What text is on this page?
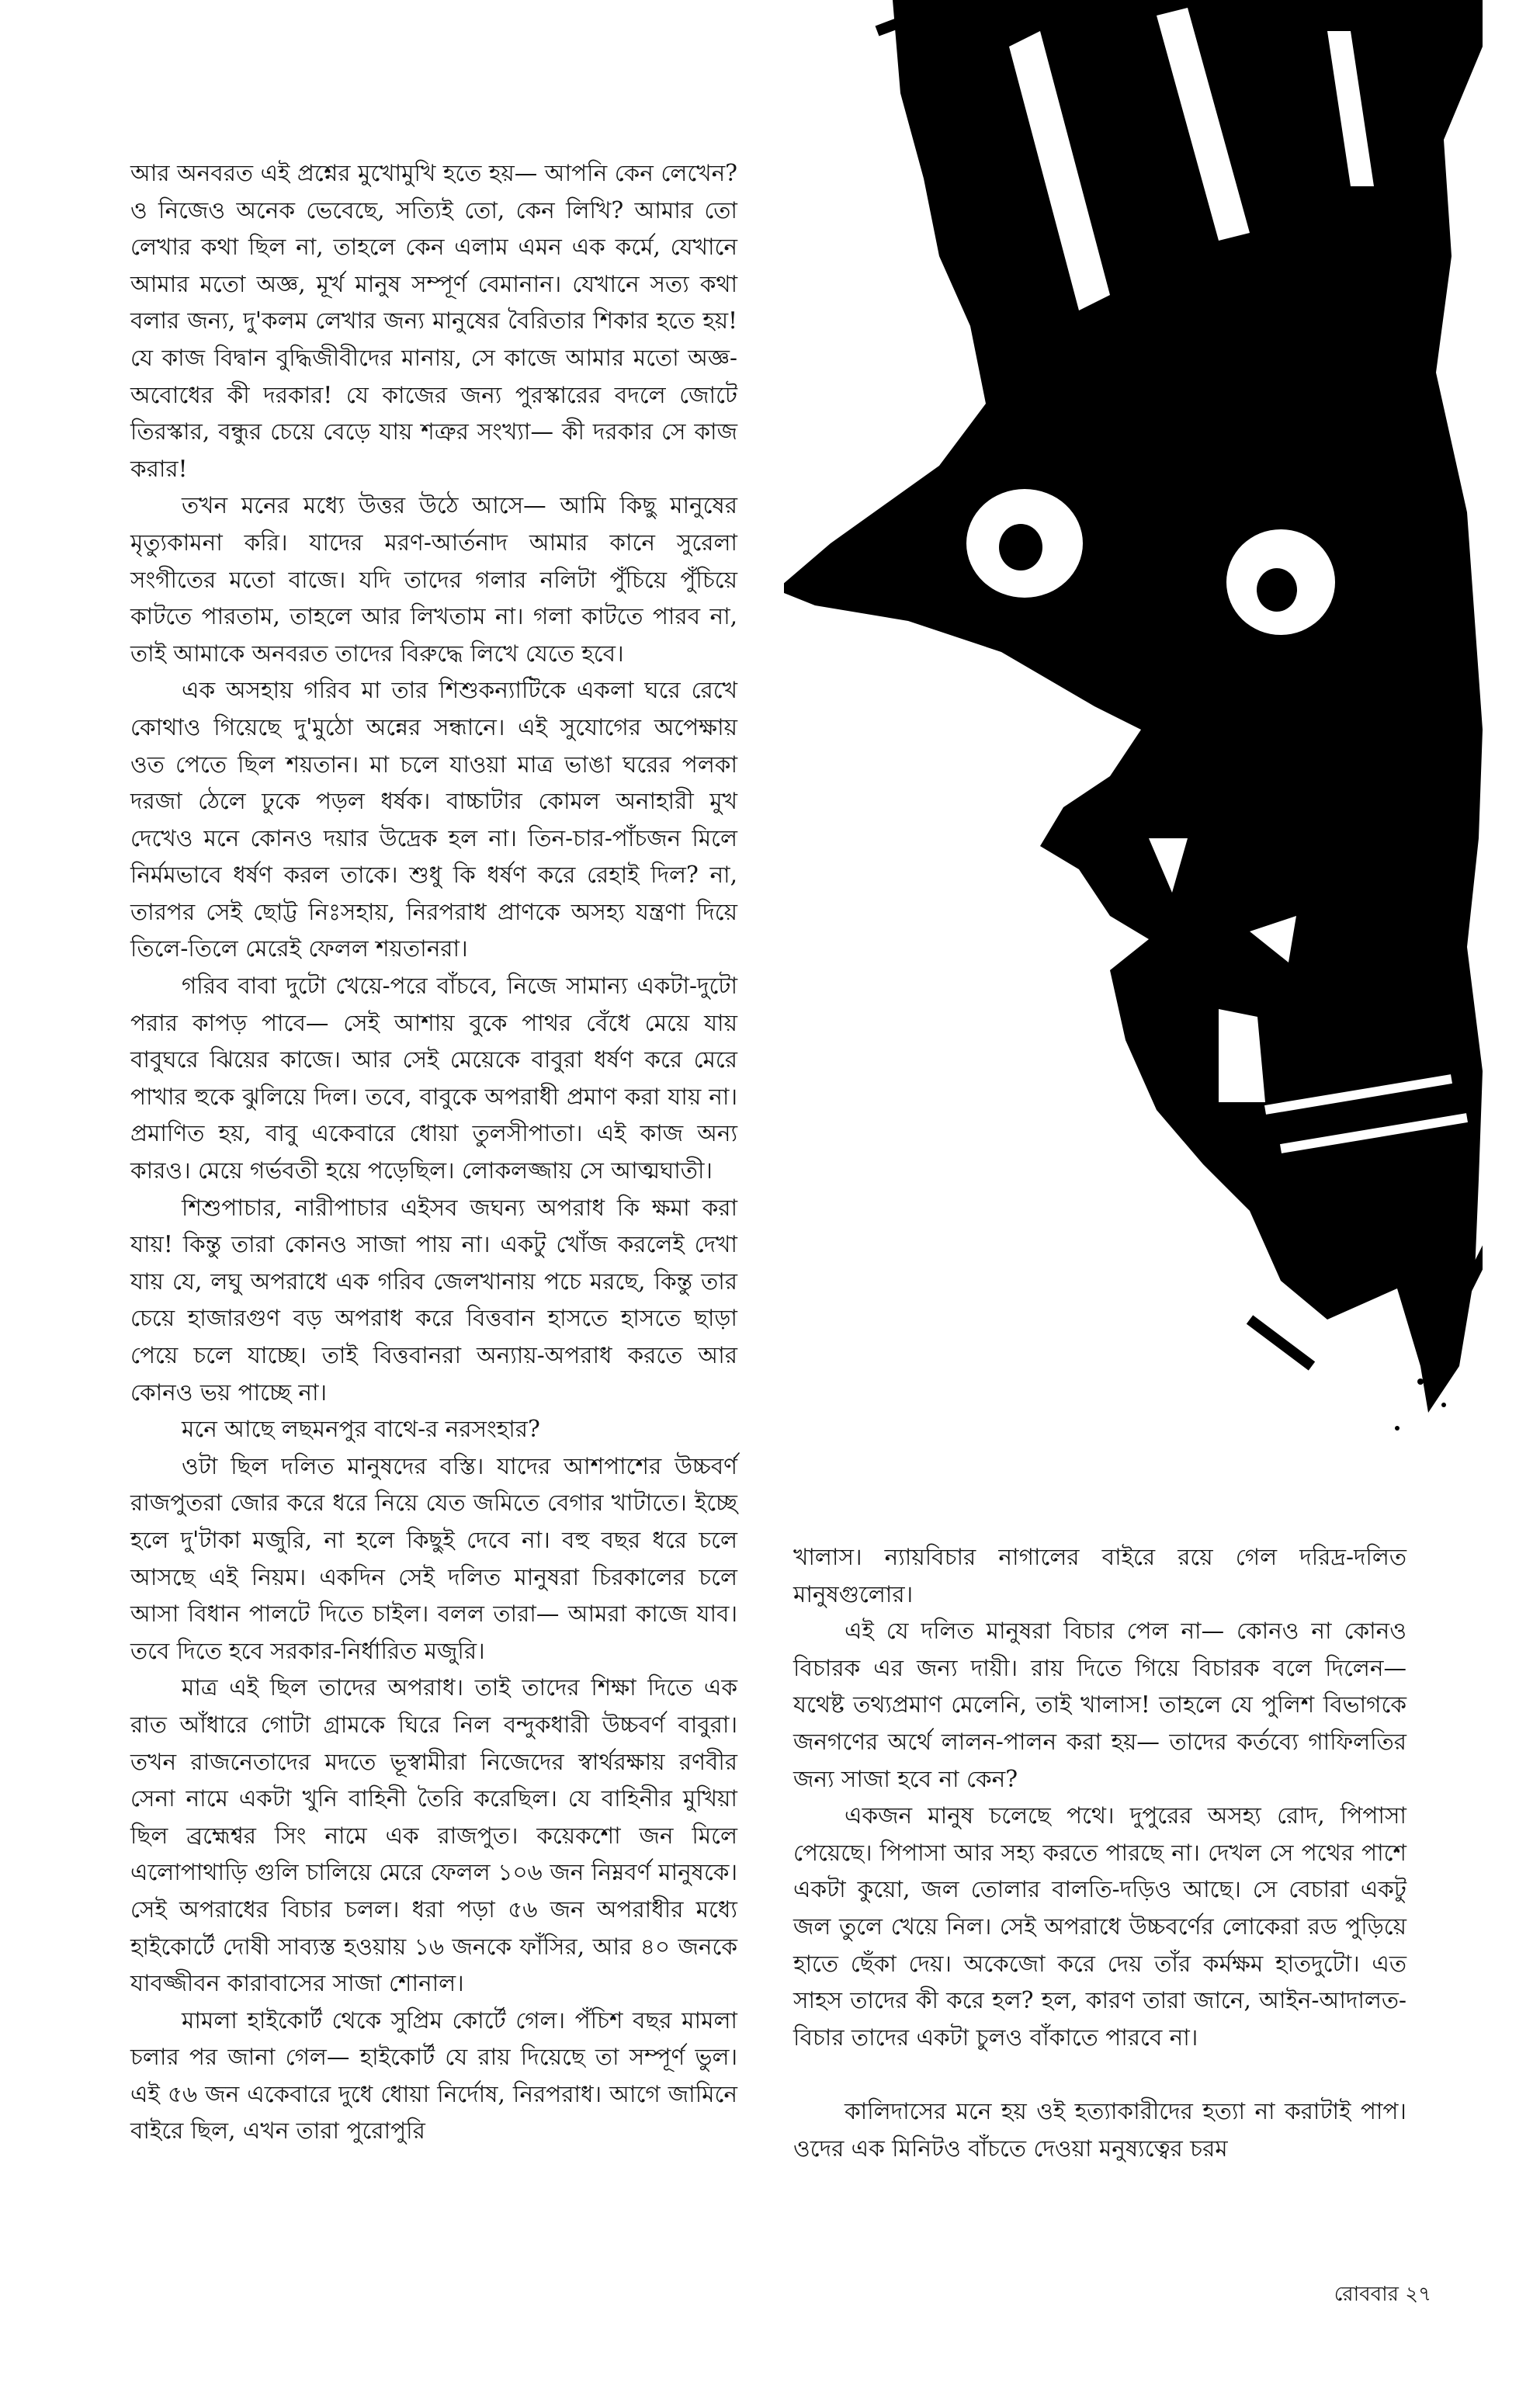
আর অনবরত এই প্রশ্নের মুখোমুখি হতে হয়— আপনি কেন লেখেন? ও নিজেও অনেক ভেবেছে, সত্যিই তো, কেন লিখি? আমার তো লেখার কথা ছিল না, তাহলে কেন এলাম এমন এক কর্মে, যেখানে আমার মতো অজ্ঞ, মূর্খ মানুষ সম্পূর্ণ বেমানান। যেখানে সত্য কথা বলার জন্য, দু'কলম লেখার জন্য মানুষের বৈরিতার শিকার হতে হয়! যে কাজ বিদ্বান বুদ্ধিজীবীদের মানায়, সে কাজে আমার মতো অজ্ঞ-অবোধের কী দরকার! যে কাজের জন্য পুরস্কারের বদলে জোটে তিরস্কার, বন্ধুর চেয়ে বেড়ে যায় শত্রুর সংখ্যা— কী দরকার সে কাজ করার!

তখন মনের মধ্যে উত্তর উঠে আসে— আমি কিছু মানুষের মৃত্যুকামনা করি। যাদের মরণ-আর্তনাদ আমার কানে সুরেলা সংগীতের মতো বাজে। যদি তাদের গলার নলিটা পুঁচিয়ে পুঁচিয়ে কাটতে পারতাম, তাহলে আর লিখতাম না। গলা কাটতে পারব না, তাই আমাকে অনবরত তাদের বিরুদ্ধে লিখে যেতে হবে।

এক অসহায় গরিব মা তার শিশুকন্যাটিকে একলা ঘরে রেখে কোথাও গিয়েছে দু'মুঠো অন্নের সন্ধানে। এই সুযোগের অপেক্ষায় ওত পেতে ছিল শয়তান। মা চলে যাওয়া মাত্র ভাঙা ঘরের পলকা দরজা ঠেলে ঢুকে পড়ল ধর্ষক। বাচ্চাটার কোমল অনাহারী মুখ দেখেও মনে কোনও দয়ার উদ্রেক হল না। তিন-চার-পাঁচজন মিলে নির্মমভাবে ধর্ষণ করল তাকে। শুধু কি ধর্ষণ করে রেহাই দিল? না, তারপর সেই ছোট্ট নিঃসহায়, নিরপরাধ প্রাণকে অসহ্য যন্ত্রণা দিয়ে তিলে-তিলে মেরেই ফেলল শয়তানরা।

গরিব বাবা দুটো খেয়ে-পরে বাঁচবে, নিজে সামান্য একটা-দুটো পরার কাপড় পাবে— সেই আশায় বুকে পাথর বেঁধে মেয়ে যায় বাবুঘরে ঝিয়ের কাজে। আর সেই মেয়েকে বাবুরা ধর্ষণ করে মেরে পাখার হুকে ঝুলিয়ে দিল। তবে, বাবুকে অপরাধী প্রমাণ করা যায় না। প্রমাণিত হয়, বাবু একেবারে ধোয়া তুলসীপাতা। এই কাজ অন্য কারও। মেয়ে গর্ভবতী হয়ে পড়েছিল। লোকলজ্জায় সে আত্মঘাতী।

শিশুপাচার, নারীপাচার এইসব জঘন্য অপরাধ কি ক্ষমা করা যায়! কিন্তু তারা কোনও সাজা পায় না। একটু খোঁজ করলেই দেখা যায় যে, লঘু অপরাধে এক গরিব জেলখানায় পচে মরছে, কিন্তু তার চেয়ে হাজারগুণ বড় অপরাধ করে বিত্তবান হাসতে হাসতে ছাড়া পেয়ে চলে যাচ্ছে। তাই বিত্তবানরা অন্যায়-অপরাধ করতে আর কোনও ভয় পাচ্ছে না।

মনে আছে লছমনপুর বাথে-র নরসংহার?

ওটা ছিল দলিত মানুষদের বস্তি। যাদের আশপাশের উচ্চবর্ণ রাজপুতরা জোর করে ধরে নিয়ে যেত জমিতে বেগার খাটাতে। ইচ্ছে হলে দু'টাকা মজুরি, না হলে কিছুই দেবে না। বহু বছর ধরে চলে আসছে এই নিয়ম। একদিন সেই দলিত মানুষরা চিরকালের চলে আসা বিধান পালটে দিতে চাইল। বলল তারা— আমরা কাজে যাব। তবে দিতে হবে সরকার-নির্ধারিত মজুরি।

মাত্র এই ছিল তাদের অপরাধ। তাই তাদের শিক্ষা দিতে এক রাত আঁধারে গোটা গ্রামকে ঘিরে নিল বন্দুকধারী উচ্চবর্ণ বাবুরা। তখন রাজনেতাদের মদতে ভূস্বামীরা নিজেদের স্বার্থরক্ষায় রণবীর সেনা নামে একটা খুনি বাহিনী তৈরি করেছিল। যে বাহিনীর মুখিয়া ছিল ব্রহ্মেশ্বর সিং নামে এক রাজপুত। কয়েকশো জন মিলে এলোপাথাড়ি গুলি চালিয়ে মেরে ফেলল ১০৬ জন নিম্নবর্ণ মানুষকে। সেই অপরাধের বিচার চলল। ধরা পড়া ৫৬ জন অপরাধীর মধ্যে হাইকোর্টে দোষী সাব্যস্ত হওয়ায় ১৬ জনকে ফাঁসির, আর ৪০ জনকে যাবজ্জীবন কারাবাসের সাজা শোনাল।

মামলা হাইকোর্ট থেকে সুপ্রিম কোর্টে গেল। পঁচিশ বছর মামলা চলার পর জানা গেল— হাইকোর্ট যে রায় দিয়েছে তা সম্পূর্ণ ভুল। এই ৫৬ জন একেবারে দুধে ধোয়া নির্দোষ, নিরপরাধ। আগে জামিনে বাইরে ছিল, এখন তারা পুরোপুরি

খালাস। ন্যায়বিচার নাগালের বাইরে রয়ে গেল দরিদ্র-দলিত মানুষগুলোর।

এই যে দলিত মানুষরা বিচার পেল না— কোনও না কোনও বিচারক এর জন্য দায়ী। রায় দিতে গিয়ে বিচারক বলে দিলেন— যথেষ্ট তথ্যপ্রমাণ মেলেনি, তাই খালাস! তাহলে যে পুলিশ বিভাগকে জনগণের অর্থে লালন-পালন করা হয়— তাদের কর্তব্যে গাফিলতির জন্য সাজা হবে না কেন?

একজন মানুষ চলেছে পথে। দুপুরের অসহ্য রোদ, পিপাসা পেয়েছে। পিপাসা আর সহ্য করতে পারছে না। দেখল সে পথের পাশে একটা কুয়ো, জল তোলার বালতি-দড়িও আছে। সে বেচারা একটু জল তুলে খেয়ে নিল। সেই অপরাধে উচ্চবর্ণের লোকেরা রড পুড়িয়ে হাতে ছেঁকা দেয়। অকেজো করে দেয় তাঁর কর্মক্ষম হাতদুটো। এত সাহস তাদের কী করে হল? হল, কারণ তারা জানে, আইন-আদালত-বিচার তাদের একটা চুলও বাঁকাতে পারবে না।

কালিদাসের মনে হয় ওই হত্যাকারীদের হত্যা না করাটাই পাপ। ওদের এক মিনিটও বাঁচতে দেওয়া মনুষ্যত্বের চরম

রোববার ২৭
